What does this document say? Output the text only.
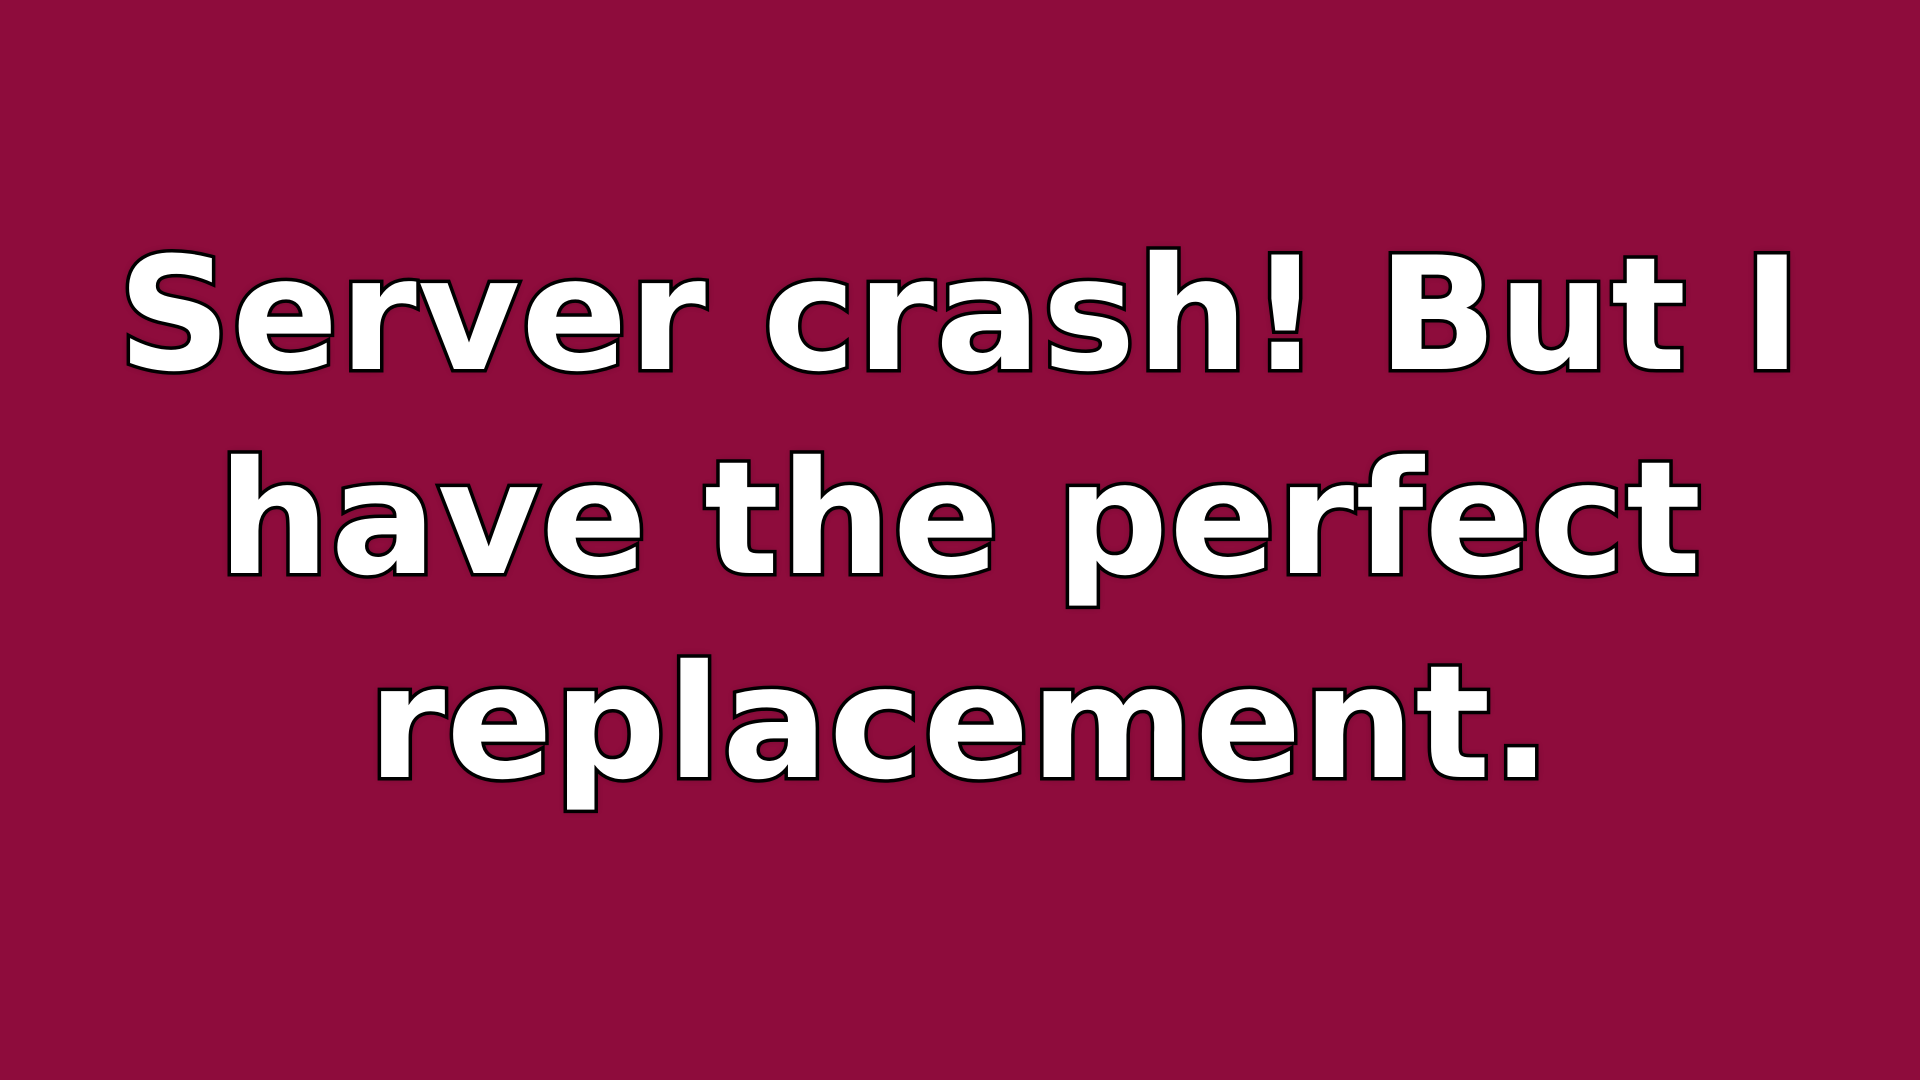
Server crash! But I
have the perfect
replacement.
